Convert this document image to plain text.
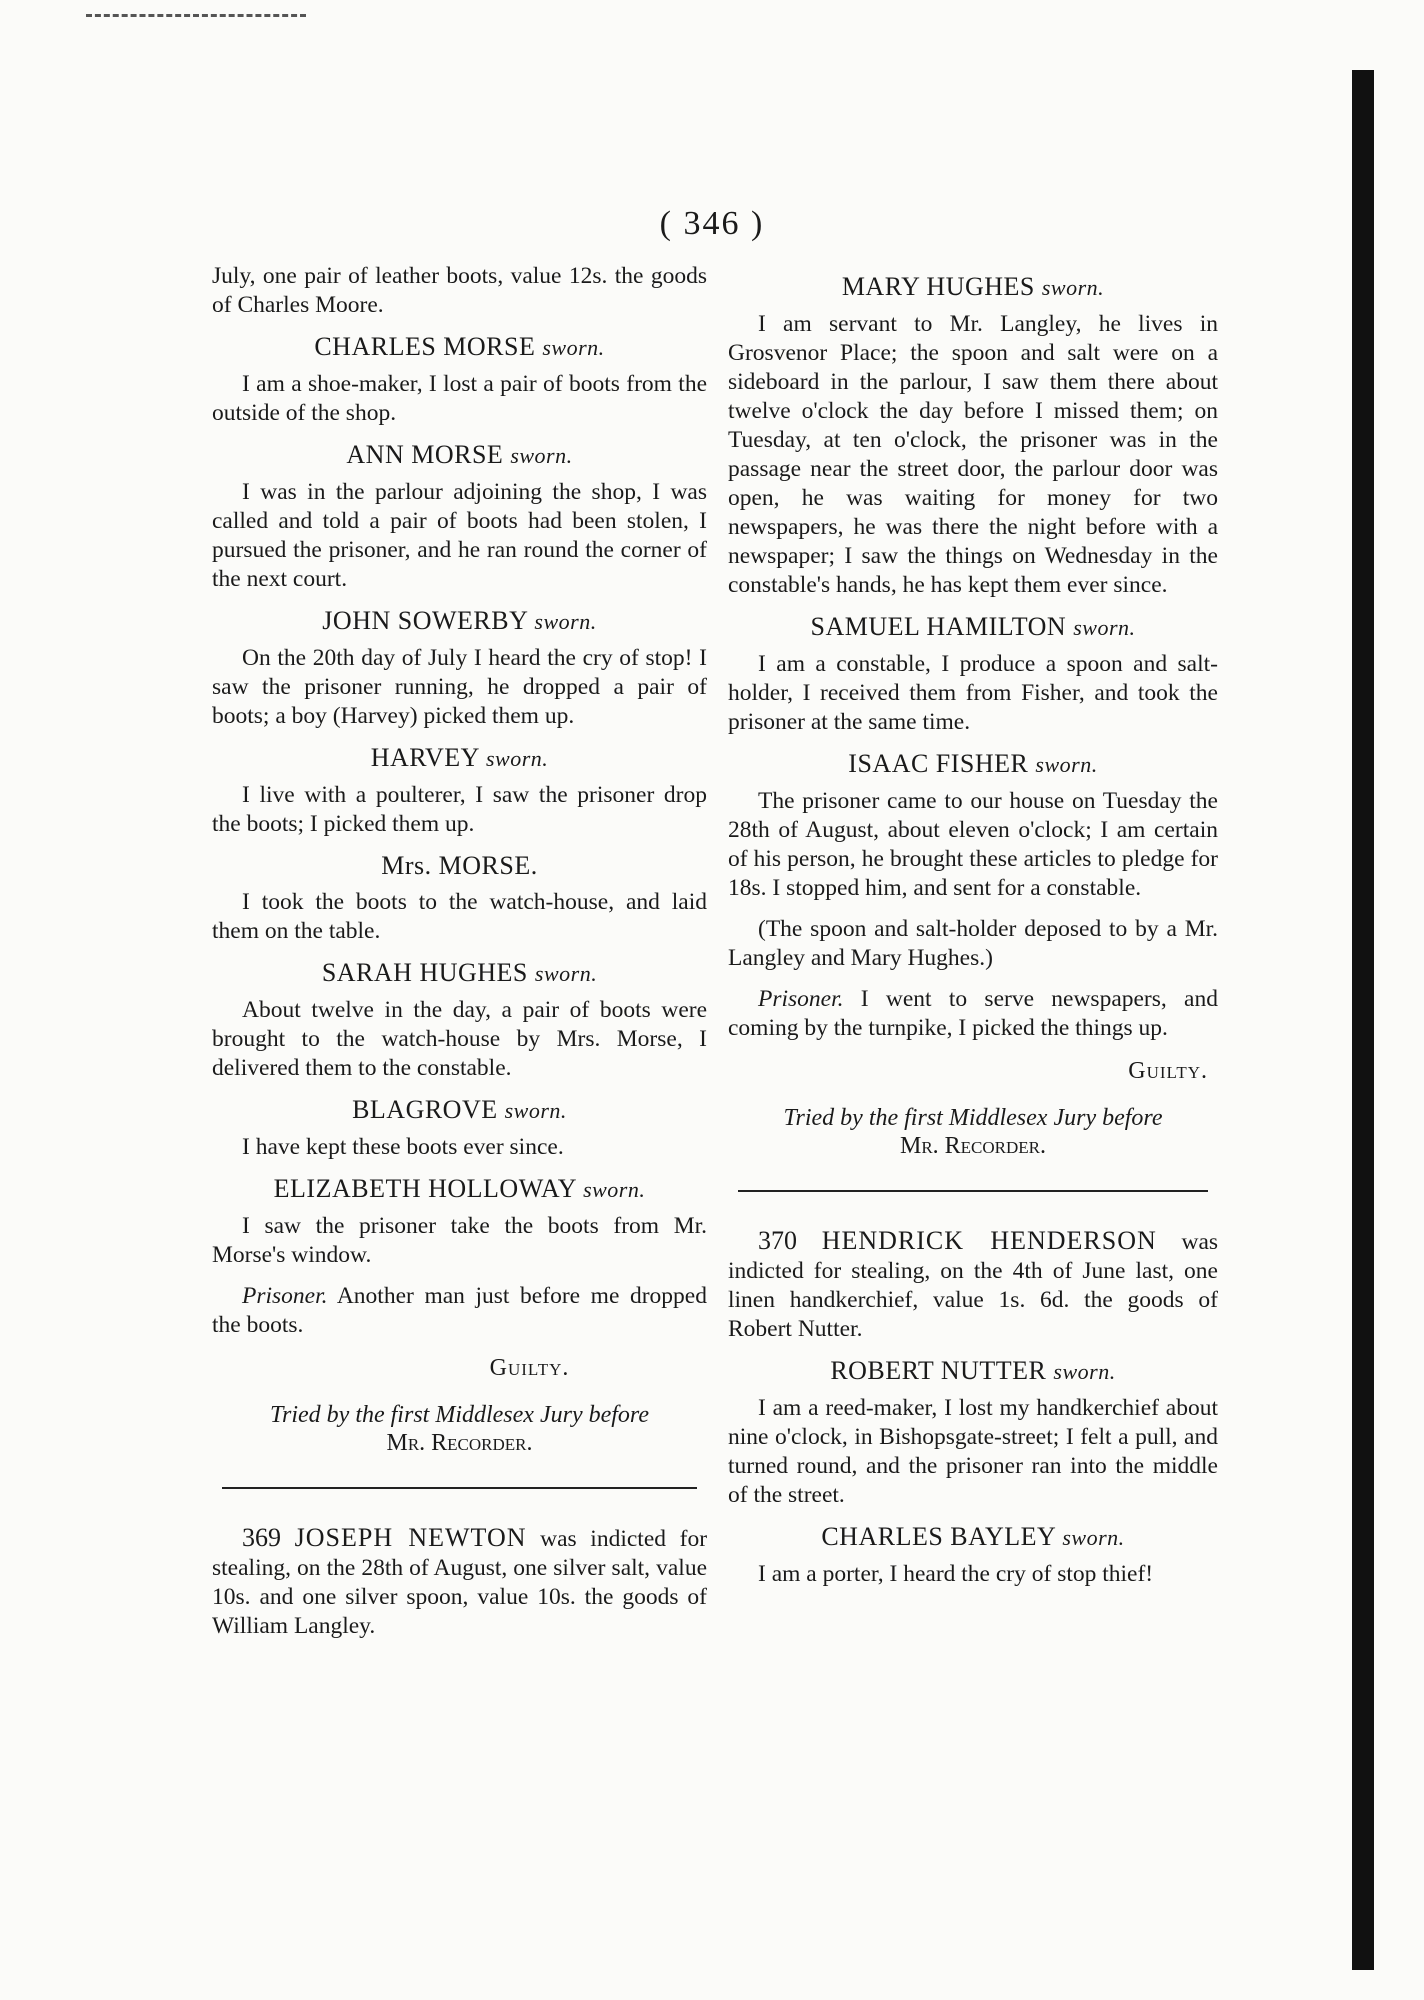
( 346 )

July, one pair of leather boots, value 12s. the goods of Charles Moore.

CHARLES MORSE sworn.

I am a shoe-maker, I lost a pair of boots from the outside of the shop.

ANN MORSE sworn.

I was in the parlour adjoining the shop, I was called and told a pair of boots had been stolen, I pursued the prisoner, and he ran round the corner of the next court.

JOHN SOWERBY sworn.

On the 20th day of July I heard the cry of stop! I saw the prisoner running, he dropped a pair of boots; a boy (Harvey) picked them up.

HARVEY sworn.

I live with a poulterer, I saw the prisoner drop the boots; I picked them up.

Mrs. MORSE.

I took the boots to the watch-house, and laid them on the table.

SARAH HUGHES sworn.

About twelve in the day, a pair of boots were brought to the watch-house by Mrs. Morse, I delivered them to the constable.

BLAGROVE sworn.

I have kept these boots ever since.

ELIZABETH HOLLOWAY sworn.

I saw the prisoner take the boots from Mr. Morse's window.

Prisoner. Another man just before me dropped the boots.

Guilty.
Tried by the first Middlesex Jury before
Mr. Recorder.

369 JOSEPH NEWTON was indicted for stealing, on the 28th of August, one silver salt, value 10s. and one silver spoon, value 10s. the goods of William Langley.

MARY HUGHES sworn.

I am servant to Mr. Langley, he lives in Grosvenor Place; the spoon and salt were on a sideboard in the parlour, I saw them there about twelve o'clock the day before I missed them; on Tuesday, at ten o'clock, the prisoner was in the passage near the street door, the parlour door was open, he was waiting for money for two newspapers, he was there the night before with a newspaper; I saw the things on Wednesday in the constable's hands, he has kept them ever since.

SAMUEL HAMILTON sworn.

I am a constable, I produce a spoon and salt-holder, I received them from Fisher, and took the prisoner at the same time.

ISAAC FISHER sworn.

The prisoner came to our house on Tuesday the 28th of August, about eleven o'clock; I am certain of his person, he brought these articles to pledge for 18s. I stopped him, and sent for a constable.

(The spoon and salt-holder deposed to by a Mr. Langley and Mary Hughes.)

Prisoner. I went to serve newspapers, and coming by the turnpike, I picked the things up.

Guilty.
Tried by the first Middlesex Jury before
Mr. Recorder.

370 HENDRICK HENDERSON was indicted for stealing, on the 4th of June last, one linen handkerchief, value 1s. 6d. the goods of Robert Nutter.

ROBERT NUTTER sworn.

I am a reed-maker, I lost my handkerchief about nine o'clock, in Bishopsgate-street; I felt a pull, and turned round, and the prisoner ran into the middle of the street.

CHARLES BAYLEY sworn.

I am a porter, I heard the cry of stop thief!
